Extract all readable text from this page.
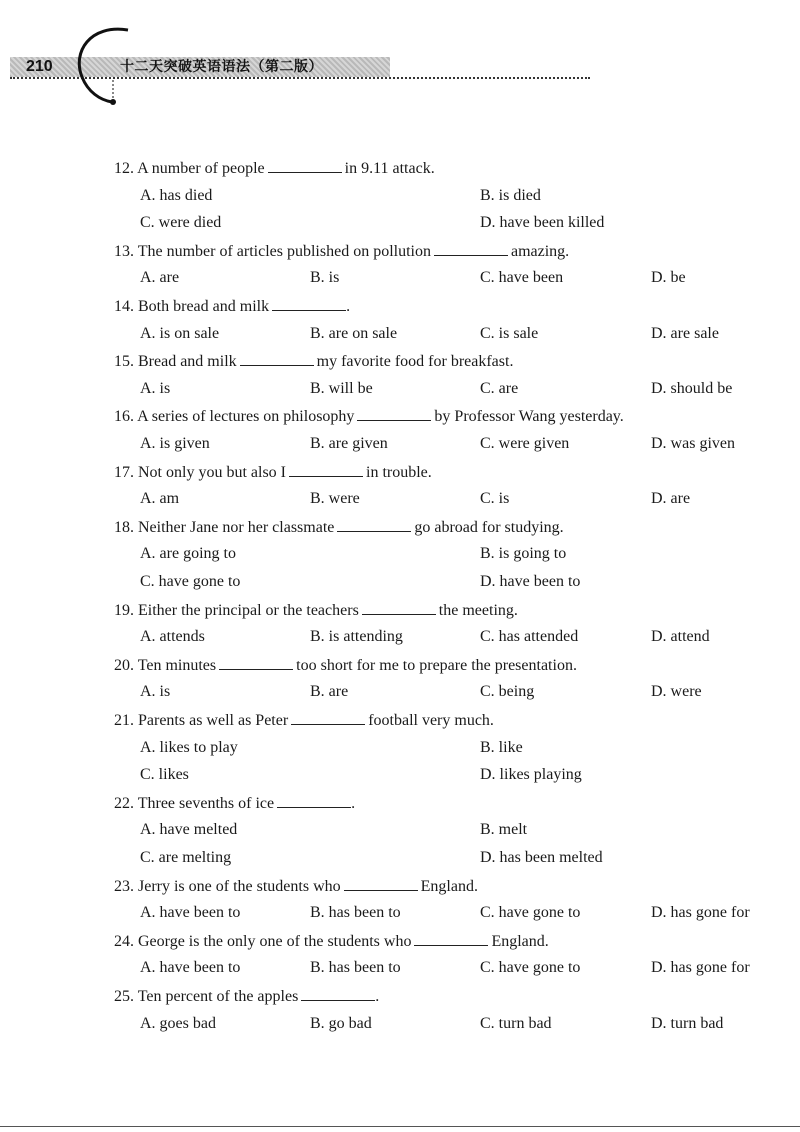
210	十二天突破英语语法（第二版）
12. A number of people	in 9.11 attack.
A. has died	B. is died
C. were died	D. have been killed
13. The number of articles published on pollution	amazing.
A. are	B. is	C. have been	D. be
14. Both bread and milk	.
A. is on sale	B. are on sale	C. is sale	D. are sale
15. Bread and milk	my favorite food for breakfast.
A. is	B. will be	C. are	D. should be
16. A series of lectures on philosophy	by Professor Wang yesterday.
A. is given	B. are given	C. were given	D. was given
17. Not only you but also I	in trouble.
A. am	B. were	C. is	D. are
18. Neither Jane nor her classmate	go abroad for studying.
A. are going to	B. is going to
C. have gone to	D. have been to
19. Either the principal or the teachers	the meeting.
A. attends	B. is attending	C. has attended	D. attend
20. Ten minutes	too short for me to prepare the presentation.
A. is	B. are	C. being	D. were
21. Parents as well as Peter	football very much.
A. likes to play	B. like
C. likes	D. likes playing
22. Three sevenths of ice	.
A. have melted	B. melt
C. are melting	D. has been melted
23. Jerry is one of the students who	England.
A. have been to	B. has been to	C. have gone to	D. has gone for
24. George is the only one of the students who	England.
A. have been to	B. has been to	C. have gone to	D. has gone for
25. Ten percent of the apples	.
A. goes bad	B. go bad	C. turn bad	D. turn bad
